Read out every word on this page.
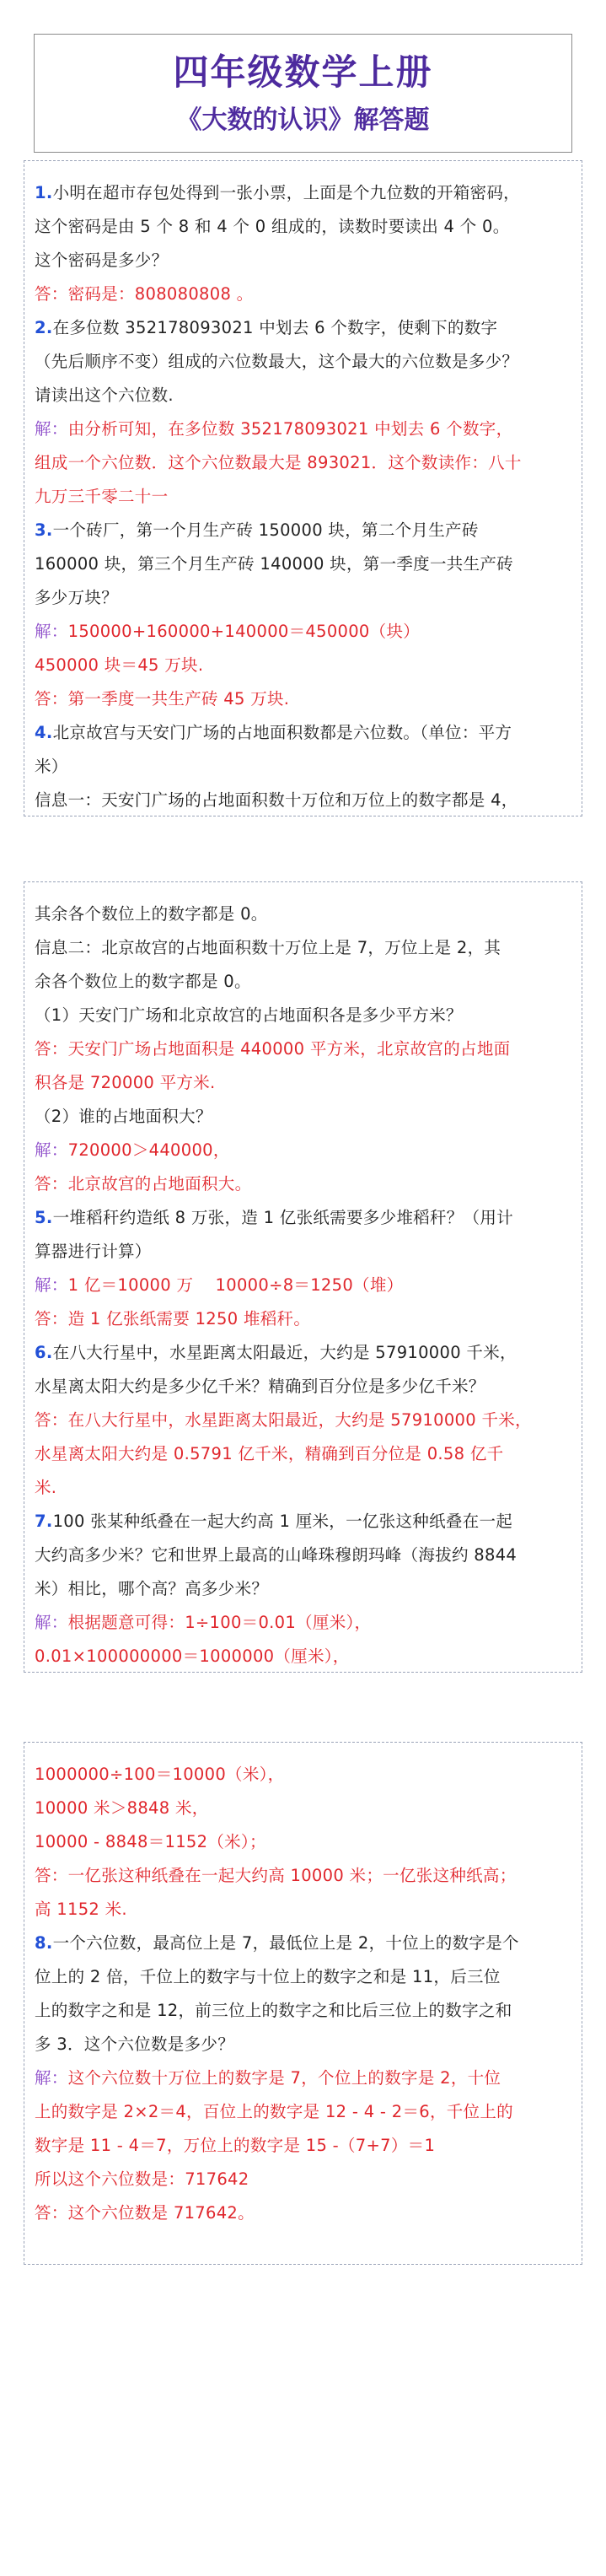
四年级数学上册
《大数的认识》解答题
1.小明在超市存包处得到一张小票，上面是个九位数的开箱密码，
这个密码是由 5 个 8 和 4 个 0 组成的，读数时要读出 4 个 0。
这个密码是多少？
答：密码是：808080808 。
2.在多位数 352178093021 中划去 6 个数字，使剩下的数字
（先后顺序不变）组成的六位数最大，这个最大的六位数是多少？
请读出这个六位数.
解：由分析可知，在多位数 352178093021 中划去 6 个数字，
组成一个六位数．这个六位数最大是 893021．这个数读作：八十
九万三千零二十一
3.一个砖厂，第一个月生产砖 150000 块，第二个月生产砖
160000 块，第三个月生产砖 140000 块，第一季度一共生产砖
多少万块？
解：150000+160000+140000＝450000（块）
450000 块＝45 万块.
答：第一季度一共生产砖 45 万块.
4.北京故宫与天安门广场的占地面积数都是六位数。（单位：平方
米）
信息一：天安门广场的占地面积数十万位和万位上的数字都是 4，
其余各个数位上的数字都是 0。
信息二：北京故宫的占地面积数十万位上是 7，万位上是 2，其
余各个数位上的数字都是 0。
（1）天安门广场和北京故宫的占地面积各是多少平方米？
答：天安门广场占地面积是 440000 平方米，北京故宫的占地面
积各是 720000 平方米.
（2）谁的占地面积大？
解：720000＞440000，
答：北京故宫的占地面积大。
5.一堆稻秆约造纸 8 万张，造 1 亿张纸需要多少堆稻秆？（用计
算器进行计算）
解：1 亿＝10000 万　 10000÷8＝1250（堆）
答：造 1 亿张纸需要 1250 堆稻秆。
6.在八大行星中，水星距离太阳最近，大约是 57910000 千米，
水星离太阳大约是多少亿千米？精确到百分位是多少亿千米？
答：在八大行星中，水星距离太阳最近，大约是 57910000 千米，
水星离太阳大约是 0.5791 亿千米，精确到百分位是 0.58 亿千
米.
7.100 张某种纸叠在一起大约高 1 厘米，一亿张这种纸叠在一起
大约高多少米？它和世界上最高的山峰珠穆朗玛峰（海拔约 8844
米）相比，哪个高？高多少米？
解：根据题意可得：1÷100＝0.01（厘米），
0.01×100000000＝1000000（厘米），
1000000÷100＝10000（米），
10000 米＞8848 米，
10000 - 8848＝1152（米）；
答：一亿张这种纸叠在一起大约高 10000 米；一亿张这种纸高；
高 1152 米.
8.一个六位数，最高位上是 7，最低位上是 2，十位上的数字是个
位上的 2 倍，千位上的数字与十位上的数字之和是 11，后三位
上的数字之和是 12，前三位上的数字之和比后三位上的数字之和
多 3．这个六位数是多少？
解：这个六位数十万位上的数字是 7，个位上的数字是 2，十位
上的数字是 2×2＝4，百位上的数字是 12 - 4 - 2＝6，千位上的
数字是 11 - 4＝7，万位上的数字是 15 -（7+7）＝1
所以这个六位数是：717642
答：这个六位数是 717642。
